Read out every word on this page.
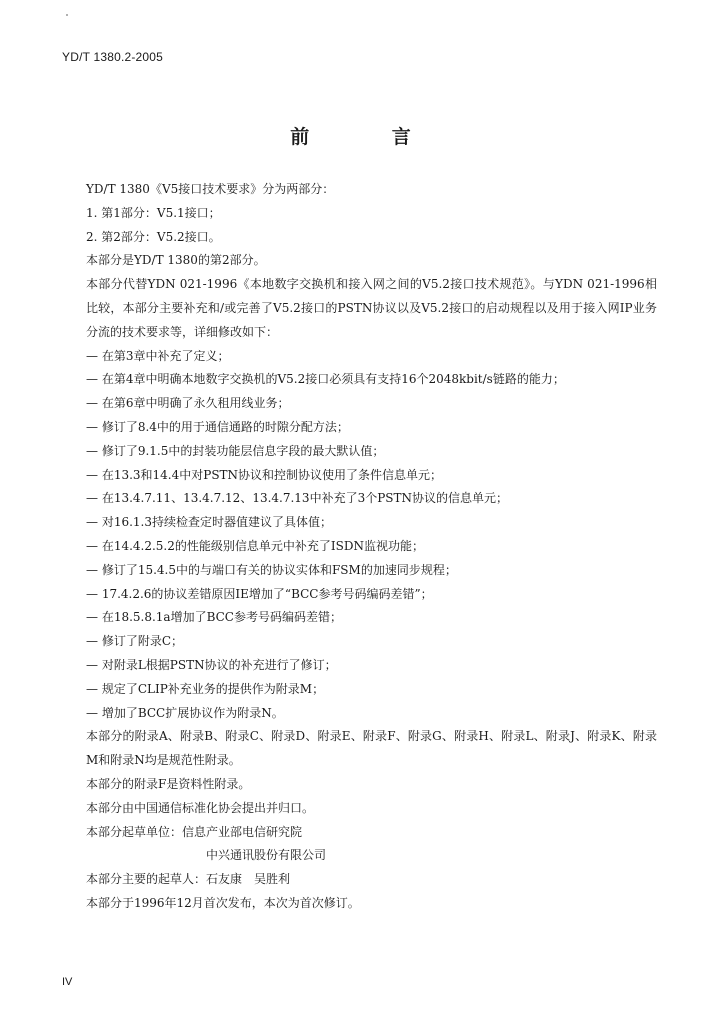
YD/T 1380.2-2005
前 言

YD/T 1380《V5接口技术要求》分为两部分：

1. 第1部分：V5.1接口；

2. 第2部分：V5.2接口。

本部分是YD/T 1380的第2部分。

本部分代替YDN 021-1996《本地数字交换机和接入网之间的V5.2接口技术规范》。与YDN 021-1996相比较，本部分主要补充和/或完善了V5.2接口的PSTN协议以及V5.2接口的启动规程以及用于接入网IP业务分流的技术要求等，详细修改如下：

— 在第3章中补充了定义；

— 在第4章中明确本地数字交换机的V5.2接口必须具有支持16个2048kbit/s链路的能力；

— 在第6章中明确了永久租用线业务；

— 修订了8.4中的用于通信通路的时隙分配方法；

— 修订了9.1.5中的封装功能层信息字段的最大默认值；

— 在13.3和14.4中对PSTN协议和控制协议使用了条件信息单元；

— 在13.4.7.11、13.4.7.12、13.4.7.13中补充了3个PSTN协议的信息单元；

— 对16.1.3持续检查定时器值建议了具体值；

— 在14.4.2.5.2的性能级别信息单元中补充了ISDN监视功能；

— 修订了15.4.5中的与端口有关的协议实体和FSM的加速同步规程；

— 17.4.2.6的协议差错原因IE增加了“BCC参考号码编码差错”；

— 在18.5.8.1a增加了BCC参考号码编码差错；

— 修订了附录C；

— 对附录L根据PSTN协议的补充进行了修订；

— 规定了CLIP补充业务的提供作为附录M；

— 增加了BCC扩展协议作为附录N。

本部分的附录A、附录B、附录C、附录D、附录E、附录F、附录G、附录H、附录L、附录J、附录K、附录M和附录N均是规范性附录。

本部分的附录F是资料性附录。

本部分由中国通信标准化协会提出并归口。

本部分起草单位：信息产业部电信研究院

中兴通讯股份有限公司

本部分主要的起草人：石友康　吴胜利

本部分于1996年12月首次发布，本次为首次修订。

IV
